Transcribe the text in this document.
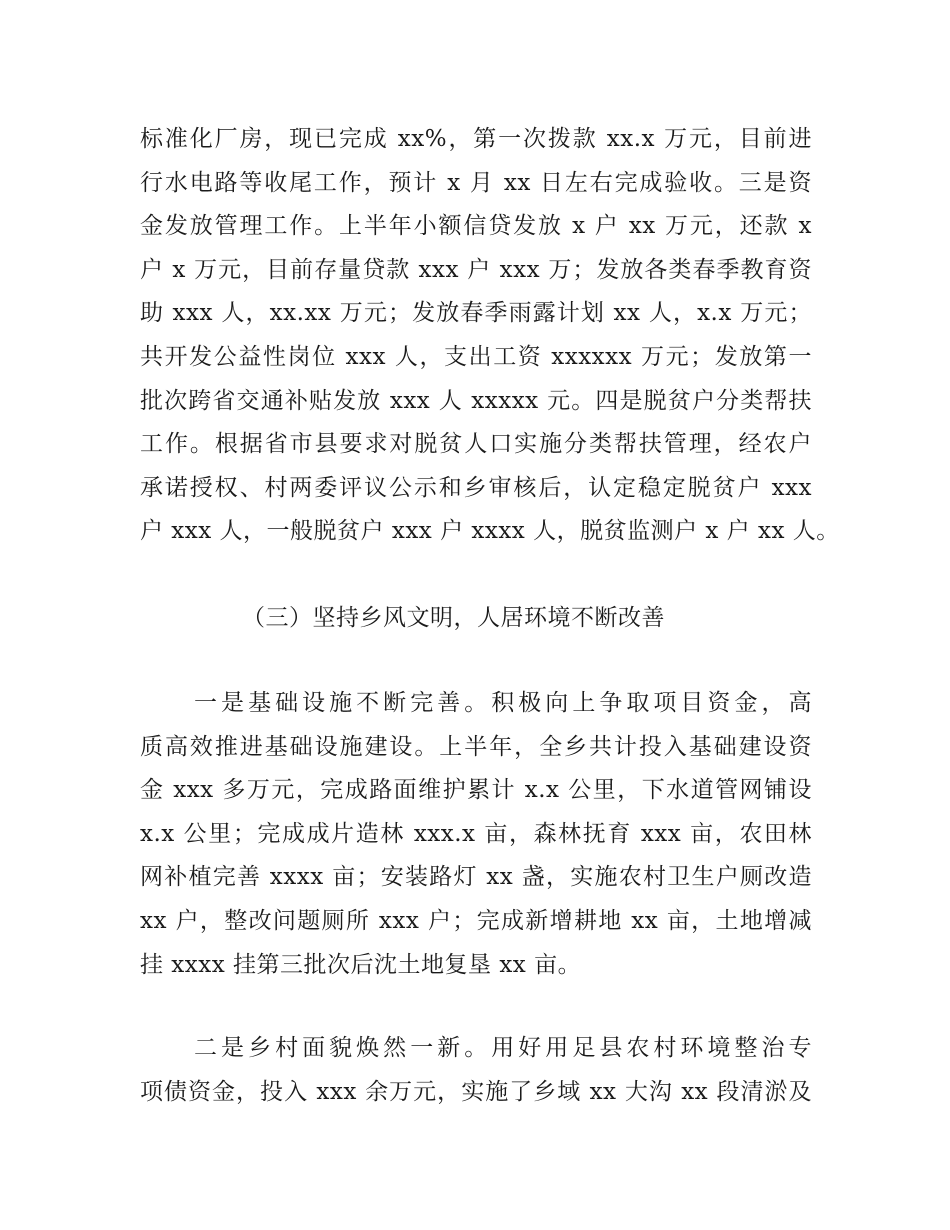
标准化厂房，现已完成 xx%，第一次拨款 xx.x 万元，目前进
行水电路等收尾工作，预计 x 月 xx 日左右完成验收。三是资
金发放管理工作。上半年小额信贷发放 x 户 xx 万元，还款 x
户 x 万元，目前存量贷款 xxx 户 xxx 万；发放各类春季教育资
助 xxx 人，xx.xx 万元；发放春季雨露计划 xx 人，x.x 万元；
共开发公益性岗位 xxx 人，支出工资 xxxxxx 万元；发放第一
批次跨省交通补贴发放 xxx 人 xxxxx 元。四是脱贫户分类帮扶
工作。根据省市县要求对脱贫人口实施分类帮扶管理，经农户
承诺授权、村两委评议公示和乡审核后，认定稳定脱贫户 xxx
户 xxx 人，一般脱贫户 xxx 户 xxxx 人，脱贫监测户 x 户 xx 人。
（三）坚持乡风文明，人居环境不断改善
　　一是基础设施不断完善。积极向上争取项目资金，高
质高效推进基础设施建设。上半年，全乡共计投入基础建设资
金 xxx 多万元，完成路面维护累计 x.x 公里，下水道管网铺设
x.x 公里；完成成片造林 xxx.x 亩，森林抚育 xxx 亩，农田林
网补植完善 xxxx 亩；安装路灯 xx 盏，实施农村卫生户厕改造
xx 户，整改问题厕所 xxx 户；完成新增耕地 xx 亩，土地增减
挂 xxxx 挂第三批次后沈土地复垦 xx 亩。
　　二是乡村面貌焕然一新。用好用足县农村环境整治专
项债资金，投入 xxx 余万元，实施了乡域 xx 大沟 xx 段清淤及
